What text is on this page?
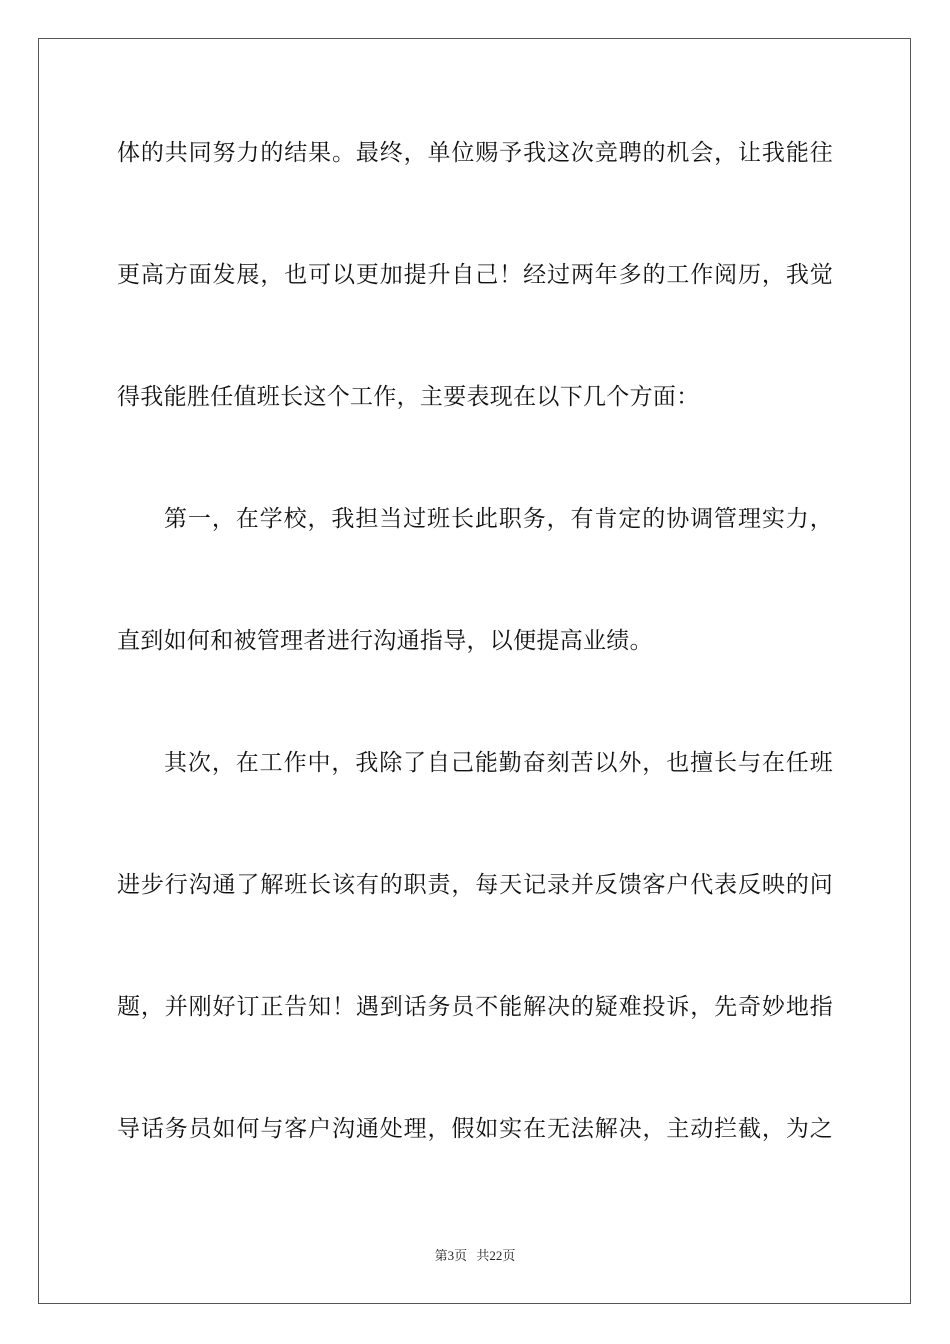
体的共同努力的结果。最终，单位赐予我这次竞聘的机会，让我能往
更高方面发展，也可以更加提升自己！经过两年多的工作阅历，我觉
得我能胜任值班长这个工作，主要表现在以下几个方面：
第一，在学校，我担当过班长此职务，有肯定的协调管理实力，
直到如何和被管理者进行沟通指导，以便提高业绩。
其次，在工作中，我除了自己能勤奋刻苦以外，也擅长与在任班
进步行沟通了解班长该有的职责，每天记录并反馈客户代表反映的问
题，并刚好订正告知！遇到话务员不能解决的疑难投诉，先奇妙地指
导话务员如何与客户沟通处理，假如实在无法解决，主动拦截，为之
第3页 共22页
